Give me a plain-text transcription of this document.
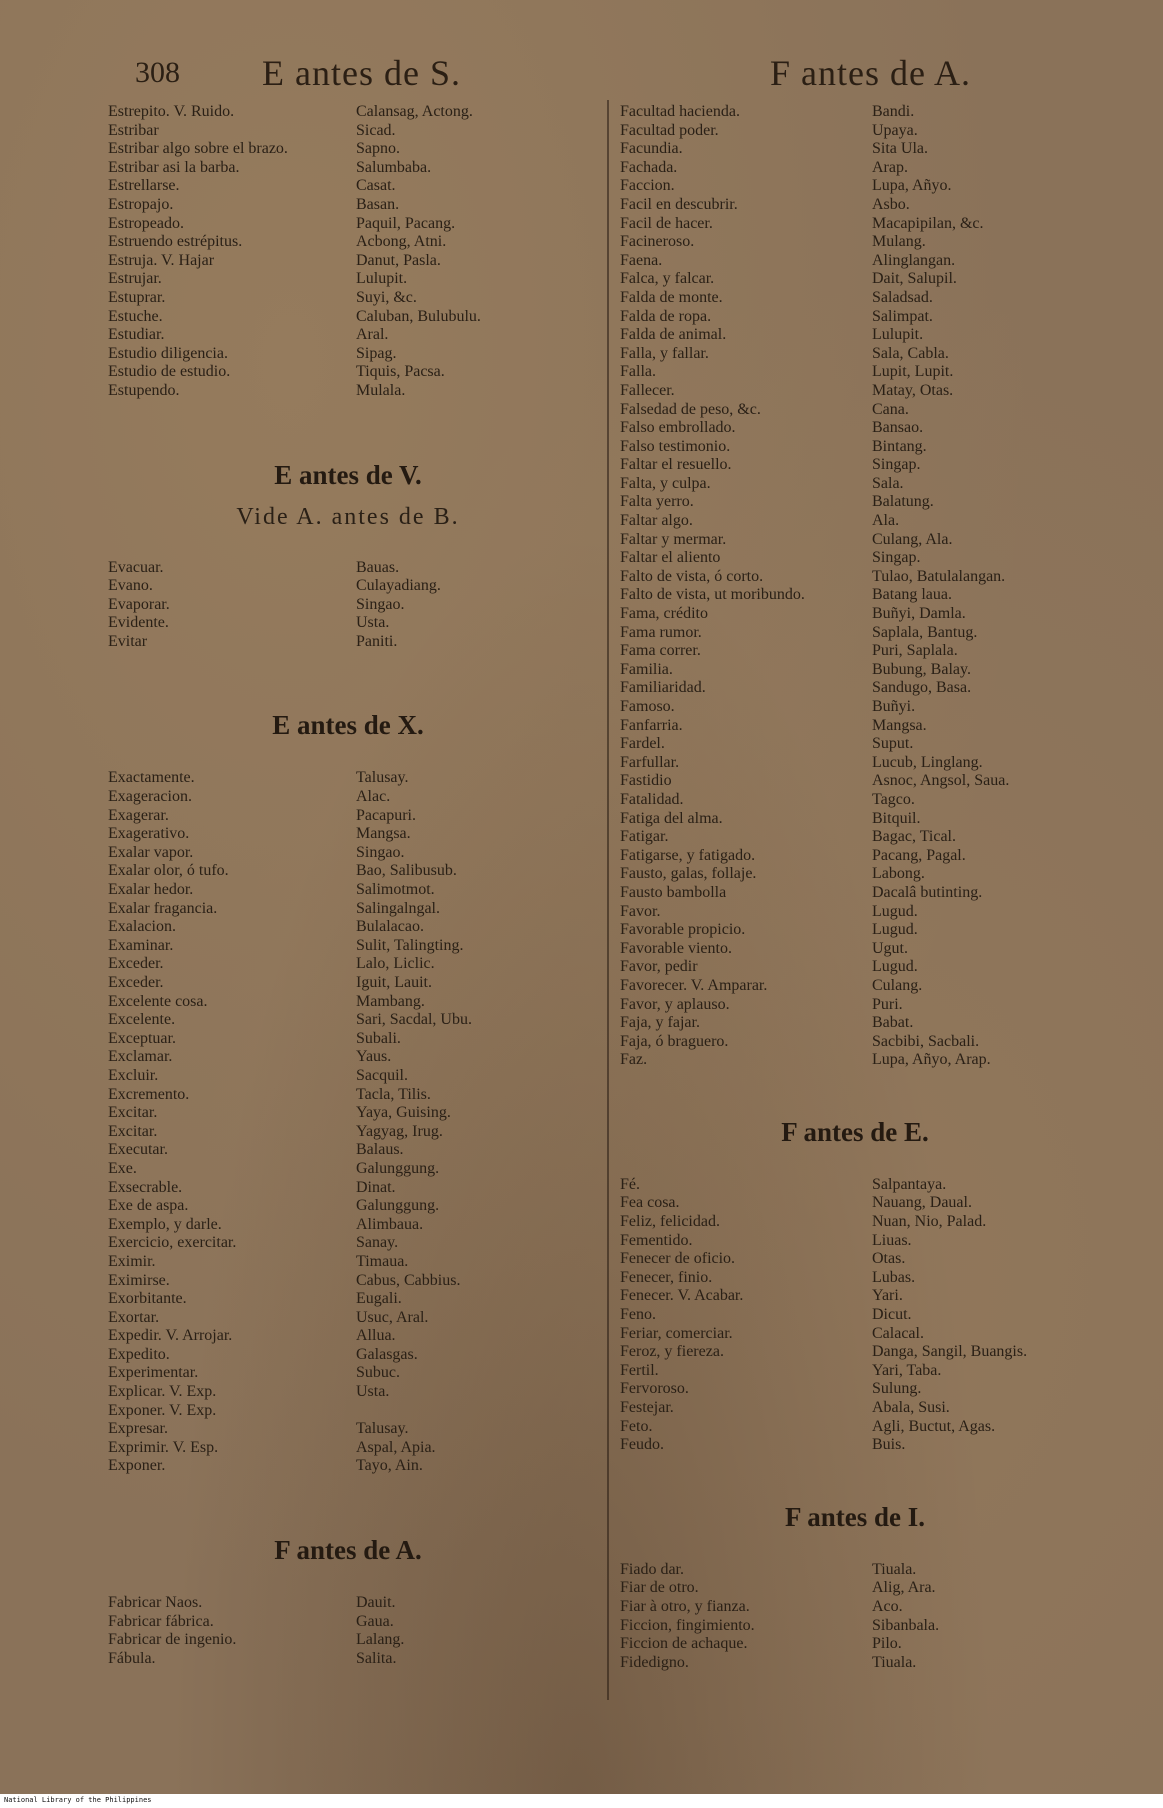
308 E antes de S.	F antes de A.
Estrepito. V. Ruido.	Calansag, Actong.
Estribar	Sicad.
Estribar algo sobre el brazo.	Sapno.
Estribar asi la barba.	Salumbaba.
Estrellarse.	Casat.
Estropajo.	Basan.
Estropeado.	Paquil, Pacang.
Estruendo estrépitus.	Acbong, Atni.
Estruja. V. Hajar	Danut, Pasla.
Estrujar.	Lulupit.
Estuprar.	Suyi, &c.
Estuche.	Caluban, Bulubulu.
Estudiar.	Aral.
Estudio diligencia.	Sipag.
Estudio de estudio.	Tiquis, Pacsa.
Estupendo.	Mulala.
E antes de V.
Vide A. antes de B.
Evacuar.	Bauas.
Evano.	Culayadiang.
Evaporar.	Singao.
Evidente.	Usta.
Evitar	Paniti.
E antes de X.
Exactamente.	Talusay.
Exageracion.	Alac.
Exagerar.	Pacapuri.
Exagerativo.	Mangsa.
Exalar vapor.	Singao.
Exalar olor, ó tufo.	Bao, Salibusub.
Exalar hedor.	Salimotmot.
Exalar fragancia.	Salingalngal.
Exalacion.	Bulalacao.
Examinar.	Sulit, Talingting.
Exceder.	Lalo, Liclic.
Exceder.	Iguit, Lauit.
Excelente cosa.	Mambang.
Excelente.	Sari, Sacdal, Ubu.
Exceptuar.	Subali.
Exclamar.	Yaus.
Excluir.	Sacquil.
Excremento.	Tacla, Tilis.
Excitar.	Yaya, Guising.
Excitar.	Yagyag, Irug.
Executar.	Balaus.
Exe.	Galunggung.
Exsecrable.	Dinat.
Exe de aspa.	Galunggung.
Exemplo, y darle.	Alimbaua.
Exercicio, exercitar.	Sanay.
Eximir.	Timaua.
Eximirse.	Cabus, Cabbius.
Exorbitante.	Eugali.
Exortar.	Usuc, Aral.
Expedir. V. Arrojar.	Allua.
Expedito.	Galasgas.
Experimentar.	Subuc.
Explicar. V. Exp.	Usta.
Exponer. V. Exp.
Expresar.	Talusay.
Exprimir. V. Esp.	Aspal, Apia.
Exponer.	Tayo, Ain.
F antes de A.
Fabricar Naos.	Dauit.
Fabricar fábrica.	Gaua.
Fabricar de ingenio.	Lalang.
Fábula.	Salita.
Facultad hacienda.	Bandi.
Facultad poder.	Upaya.
Facundia.	Sita Ula.
Fachada.	Arap.
Faccion.	Lupa, Añyo.
Facil en descubrir.	Asbo.
Facil de hacer.	Macapipilan, &c.
Facineroso.	Mulang.
Faena.	Alinglangan.
Falca, y falcar.	Dait, Salupil.
Falda de monte.	Saladsad.
Falda de ropa.	Salimpat.
Falda de animal.	Lulupit.
Falla, y fallar.	Sala, Cabla.
Falla.	Lupit, Lupit.
Fallecer.	Matay, Otas.
Falsedad de peso, &c.	Cana.
Falso embrollado.	Bansao.
Falso testimonio.	Bintang.
Faltar el resuello.	Singap.
Falta, y culpa.	Sala.
Falta yerro.	Balatung.
Faltar algo.	Ala.
Faltar y mermar.	Culang, Ala.
Faltar el aliento	Singap.
Falto de vista, ó corto.	Tulao, Batulalangan.
Falto de vista, ut moribundo.	Batang laua.
Fama, crédito	Buñyi, Damla.
Fama rumor.	Saplala, Bantug.
Fama correr.	Puri, Saplala.
Familia.	Bubung, Balay.
Familiaridad.	Sandugo, Basa.
Famoso.	Buñyi.
Fanfarria.	Mangsa.
Fardel.	Suput.
Farfullar.	Lucub, Linglang.
Fastidio	Asnoc, Angsol, Saua.
Fatalidad.	Tagco.
Fatiga del alma.	Bitquil.
Fatigar.	Bagac, Tical.
Fatigarse, y fatigado.	Pacang, Pagal.
Fausto, galas, follaje.	Labong.
Fausto bambolla	Dacalâ butinting.
Favor.	Lugud.
Favorable propicio.	Lugud.
Favorable viento.	Ugut.
Favor, pedir	Lugud.
Favorecer. V. Amparar.	Culang.
Favor, y aplauso.	Puri.
Faja, y fajar.	Babat.
Faja, ó braguero.	Sacbibi, Sacbali.
Faz.	Lupa, Añyo, Arap.
F antes de E.
Fé.	Salpantaya.
Fea cosa.	Nauang, Daual.
Feliz, felicidad.	Nuan, Nio, Palad.
Fementido.	Liuas.
Fenecer de oficio.	Otas.
Fenecer, finio.	Lubas.
Fenecer. V. Acabar.	Yari.
Feno.	Dicut.
Feriar, comerciar.	Calacal.
Feroz, y fiereza.	Danga, Sangil, Buangis.
Fertil.	Yari, Taba.
Fervoroso.	Sulung.
Festejar.	Abala, Susi.
Feto.	Agli, Buctut, Agas.
Feudo.	Buis.
F antes de I.
Fiado dar.	Tiuala.
Fiar de otro.	Alig, Ara.
Fiar à otro, y fianza.	Aco.
Ficcion, fingimiento.	Sibanbala.
Ficcion de achaque.	Pilo.
Fidedigno.	Tiuala.
National Library of the Philippines
